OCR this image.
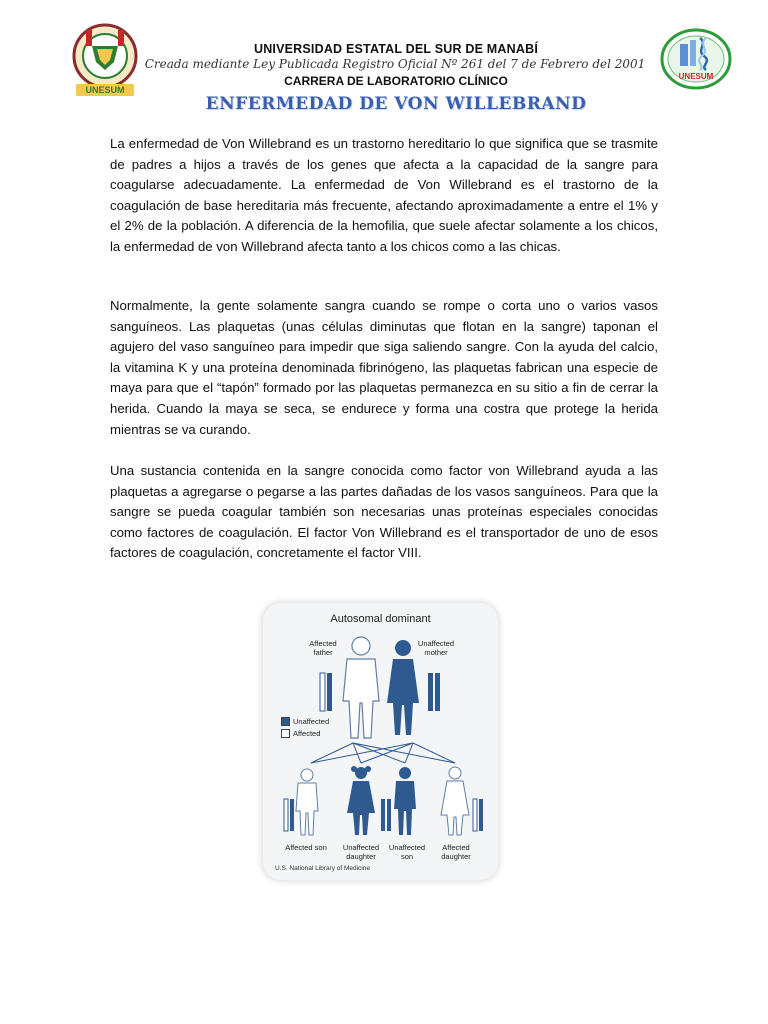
UNESUM
UNESUM
UNIVERSIDAD ESTATAL DEL SUR DE MANABÍ
Creada mediante Ley Publicada Registro Oficial Nº 261 del 7 de Febrero del 2001
CARRERA DE LABORATORIO CLÍNICO
ENFERMEDAD DE VON WILLEBRAND

La enfermedad de Von Willebrand es un trastorno hereditario lo que significa que se trasmite de padres a hijos a través de los genes que afecta a la capacidad de la sangre para coagularse adecuadamente. La enfermedad de Von Willebrand es el trastorno de la coagulación de base hereditaria más frecuente, afectando aproximadamente a entre el 1% y el 2% de la población. A diferencia de la hemofilia, que suele afectar solamente a los chicos, la enfermedad de von Willebrand afecta tanto a los chicos como a las chicas.

Normalmente, la gente solamente sangra cuando se rompe o corta uno o varios vasos sanguíneos. Las plaquetas (unas células diminutas que flotan en la sangre) taponan el agujero del vaso sanguíneo para impedir que siga saliendo sangre. Con la ayuda del calcio, la vitamina K y una proteína denominada fibrinógeno, las plaquetas fabrican una especie de maya para que el “tapón” formado por las plaquetas permanezca en su sitio a fin de cerrar la herida. Cuando la maya se seca, se endurece y forma una costra que protege la herida mientras se va curando.

Una sustancia contenida en la sangre conocida como factor von Willebrand ayuda a las plaquetas a agregarse o pegarse a las partes dañadas de los vasos sanguíneos. Para que la sangre se pueda coagular también son necesarias unas proteínas especiales conocidas como factores de coagulación. El factor Von Willebrand es el transportador de uno de esos factores de coagulación, concretamente el factor VIII.

Autosomal dominant
Affected father
Unaffected mother
Unaffected
Affected
Affected son	Unaffected daughter
Unaffected son
Affected daughter
U.S. National Library of Medicine
